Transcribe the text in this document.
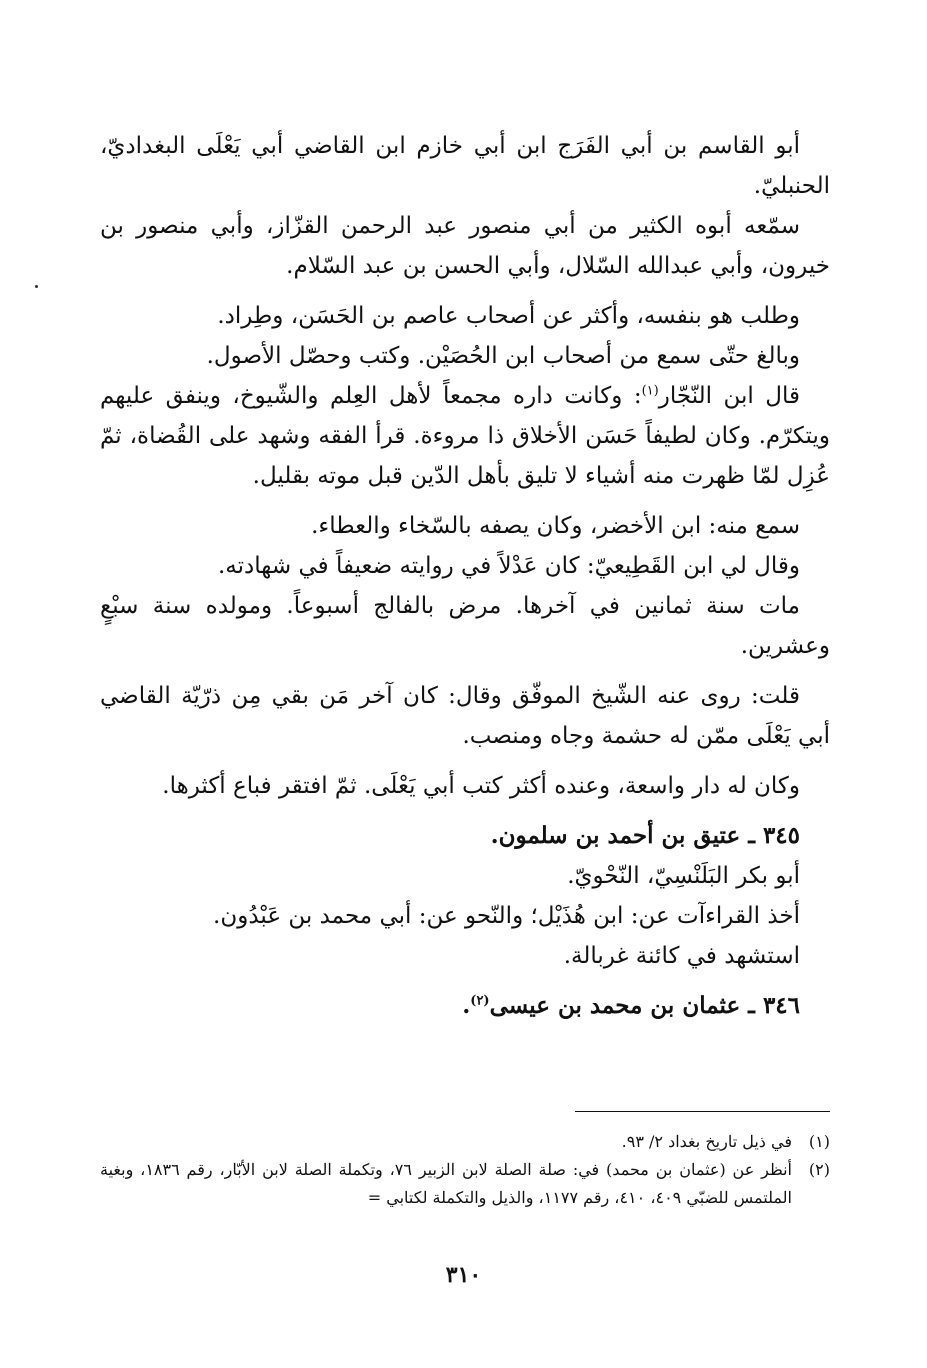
أبو القاسم بن أبي الفَرَج ابن أبي خازم ابن القاضي أبي يَعْلَى البغداديّ، الحنبليّ.

سمّعه أبوه الكثير من أبي منصور عبد الرحمن القزّاز، وأبي منصور بن خيرون، وأبي عبدالله السّلال، وأبي الحسن بن عبد السّلام.

وطلب هو بنفسه، وأكثر عن أصحاب عاصم بن الحَسَن، وطِراد.

وبالغ حتّى سمع من أصحاب ابن الحُصَيْن. وكتب وحصّل الأصول.

قال ابن النّجّار$^{(١)}$: وكانت داره مجمعاً لأهل العِلم والشّيوخ، وينفق عليهم ويتكرّم. وكان لطيفاً حَسَن الأخلاق ذا مروءة. قرأ الفقه وشهد على القُضاة، ثمّ عُزِل لمّا ظهرت منه أشياء لا تليق بأهل الدّين قبل موته بقليل.

سمع منه: ابن الأخضر، وكان يصفه بالسّخاء والعطاء.

وقال لي ابن القَطِيعيّ: كان عَدْلاً في روايته ضعيفاً في شهادته.

مات سنة ثمانين في آخرها. مرض بالفالج أسبوعاً. ومولده سنة سبْعٍ وعشرين.

قلت: روى عنه الشّيخ الموفّق وقال: كان آخر مَن بقي مِن ذرّيّة القاضي أبي يَعْلَى ممّن له حشمة وجاه ومنصب.

وكان له دار واسعة، وعنده أكثر كتب أبي يَعْلَى. ثمّ افتقر فباع أكثرها.

٣٤٥ ـ عتيق بن أحمد بن سلمون.

أبو بكر البَلَنْسِيّ، النّحْويّ.

أخذ القراءآت عن: ابن هُذَيْل؛ والنّحو عن: أبي محمد بن عَبْدُون.

استشهد في كائنة غربالة.

٣٤٦ ـ عثمان بن محمد بن عيسى$^{(٢)}$.

(١)
في ذيل تاريخ بغداد ٢/ ٩٣.
(٢)
أنظر عن (عثمان بن محمد) في: صلة الصلة لابن الزبير ٧٦، وتكملة الصلة لابن الأبّار، رقم ١٨٣٦، وبغية الملتمس للضبّي ٤٠٩، ٤١٠، رقم ١١٧٧، والذيل والتكملة لكتابي =
٣١٠
